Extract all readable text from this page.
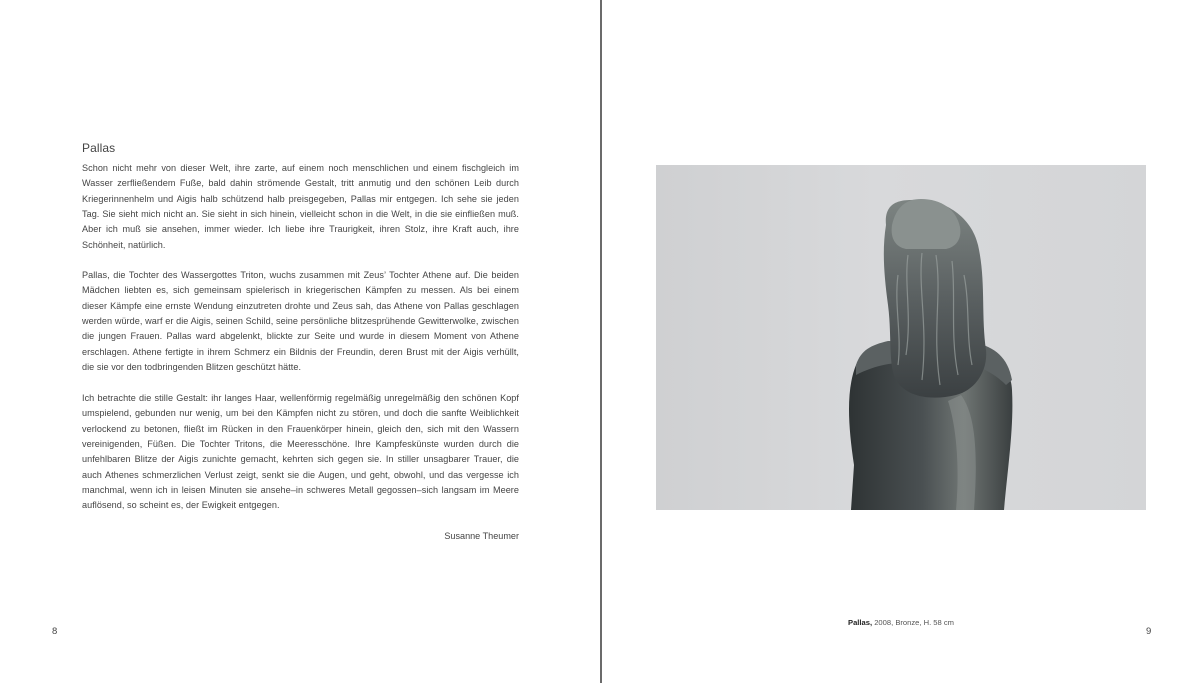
Pallas

Schon nicht mehr von dieser Welt, ihre zarte, auf einem noch menschlichen und einem fischgleich im Wasser zerfließendem Fuße, bald dahin strömende Gestalt, tritt anmutig und den schönen Leib durch Kriegerinnenhelm und Aigis halb schützend halb preisgegeben, Pallas mir entgegen. Ich sehe sie jeden Tag. Sie sieht mich nicht an. Sie sieht in sich hinein, vielleicht schon in die Welt, in die sie einfließen muß. Aber ich muß sie ansehen, immer wieder. Ich liebe ihre Traurigkeit, ihren Stolz, ihre Kraft auch, ihre Schönheit, natürlich.

Pallas, die Tochter des Wassergottes Triton, wuchs zusammen mit Zeus’ Tochter Athene auf. Die beiden Mädchen liebten es, sich gemeinsam spielerisch in kriegerischen Kämpfen zu messen. Als bei einem dieser Kämpfe eine ernste Wendung einzutreten drohte und Zeus sah, das Athene von Pallas geschlagen werden würde, warf er die Aigis, seinen Schild, seine persönliche blitzesprühende Gewitterwolke, zwischen die jungen Frauen. Pallas ward abgelenkt, blickte zur Seite und wurde in diesem Moment von Athene erschlagen. Athene fertigte in ihrem Schmerz ein Bildnis der Freundin, deren Brust mit der Aigis verhüllt, die sie vor den todbringenden Blitzen geschützt hätte.

Ich betrachte die stille Gestalt: ihr langes Haar, wellenförmig regelmäßig unregelmäßig den schönen Kopf umspielend, gebunden nur wenig, um bei den Kämpfen nicht zu stören, und doch die sanfte Weiblichkeit verlockend zu betonen, fließt im Rücken in den Frauenkörper hinein, gleich den, sich mit den Wassern vereinigenden, Füßen. Die Tochter Tritons, die Meeresschöne. Ihre Kampfeskünste wurden durch die unfehlbaren Blitze der Aigis zunichte gemacht, kehrten sich gegen sie. In stiller unsagbarer Trauer, die auch Athenes schmerzlichen Verlust zeigt, senkt sie die Augen, und geht, obwohl, und das vergesse ich manchmal, wenn ich in leisen Minuten sie ansehe–in schweres Metall gegossen–sich langsam im Meere auflösend, so scheint es, der Ewigkeit entgegen.

Susanne Theumer
8
Pallas, 2008, Bronze, H. 58 cm
9
